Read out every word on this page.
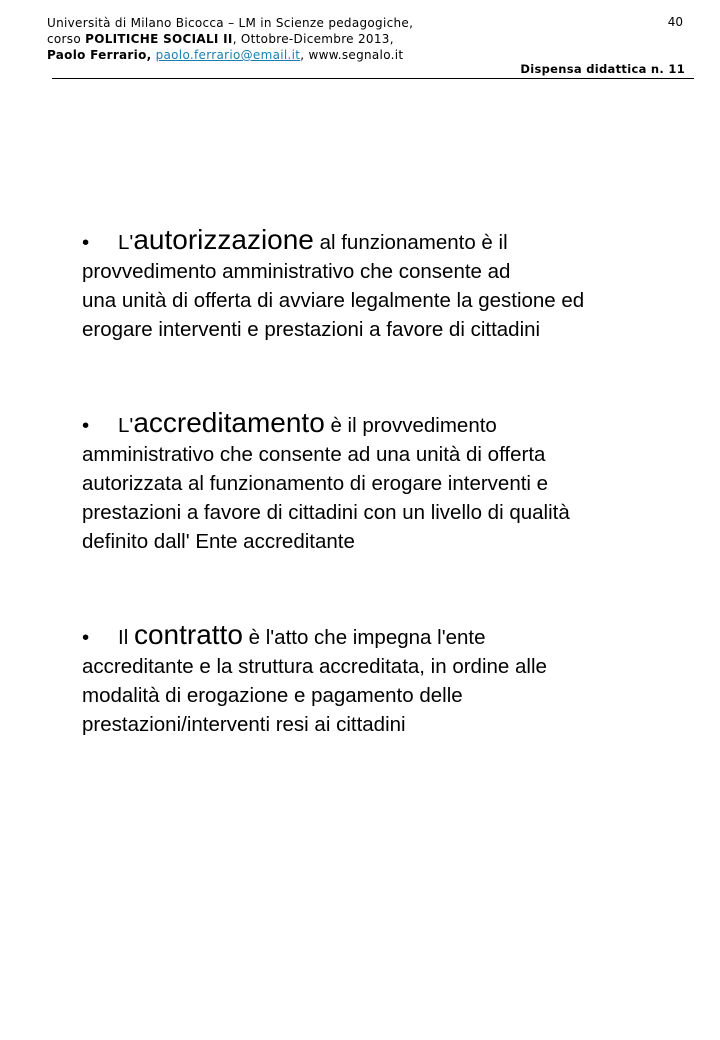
Università di Milano Bicocca – LM in Scienze pedagogiche,
corso POLITICHE SOCIALI II, Ottobre-Dicembre 2013,
Paolo Ferrario, paolo.ferrario@email.it, www.segnalo.it
40
Dispensa didattica n. 11
• L'autorizzazione al funzionamento è il
provvedimento amministrativo che consente ad
una unità di offerta di avviare legalmente la gestione ed
erogare interventi e prestazioni a favore di cittadini
• L'accreditamento è il provvedimento
amministrativo che consente ad una unità di offerta
autorizzata al funzionamento di erogare interventi e
prestazioni a favore di cittadini con un livello di qualità
definito dall' Ente accreditante
• Il contratto è l'atto che impegna l'ente
accreditante e la struttura accreditata, in ordine alle
modalità di erogazione e pagamento delle
prestazioni/interventi resi ai cittadini
